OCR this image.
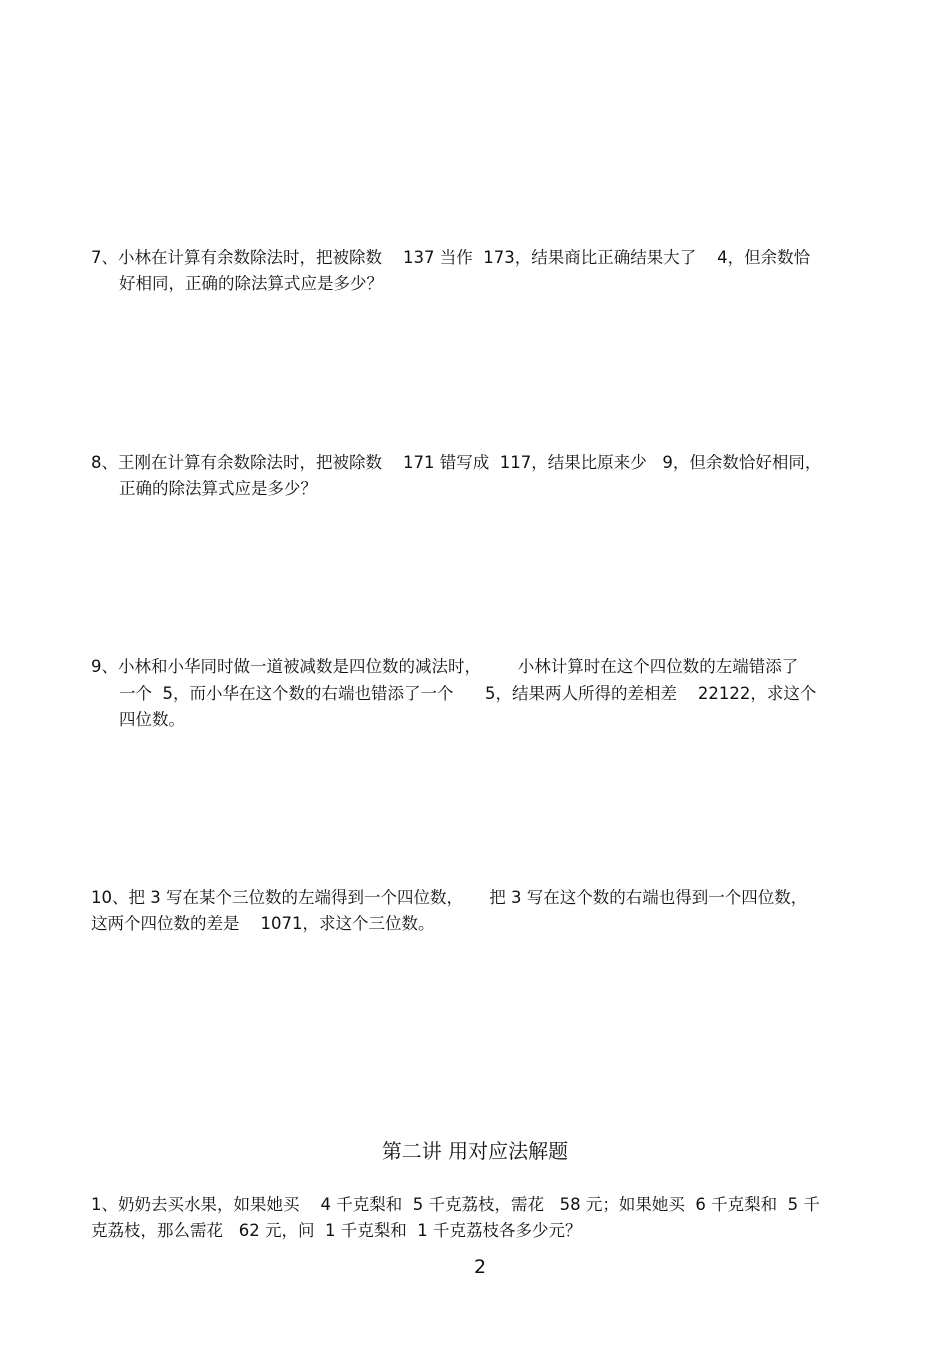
7、小林在计算有余数除法时，把被除数    137 当作  173，结果商比正确结果大了    4，但余数恰
好相同，正确的除法算式应是多少？
8、王刚在计算有余数除法时，把被除数    171 错写成  117，结果比原来少   9，但余数恰好相同，
正确的除法算式应是多少？
9、小林和小华同时做一道被减数是四位数的减法时，       小林计算时在这个四位数的左端错添了
一个  5，而小华在这个数的右端也错添了一个      5，结果两人所得的差相差    22122，求这个
四位数。
10、把 3 写在某个三位数的左端得到一个四位数，     把 3 写在这个数的右端也得到一个四位数，
这两个四位数的差是    1071，求这个三位数。
第二讲 用对应法解题
1、奶奶去买水果，如果她买    4 千克梨和  5 千克荔枝，需花   58 元；如果她买  6 千克梨和  5 千
克荔枝，那么需花   62 元，问  1 千克梨和  1 千克荔枝各多少元？
2
